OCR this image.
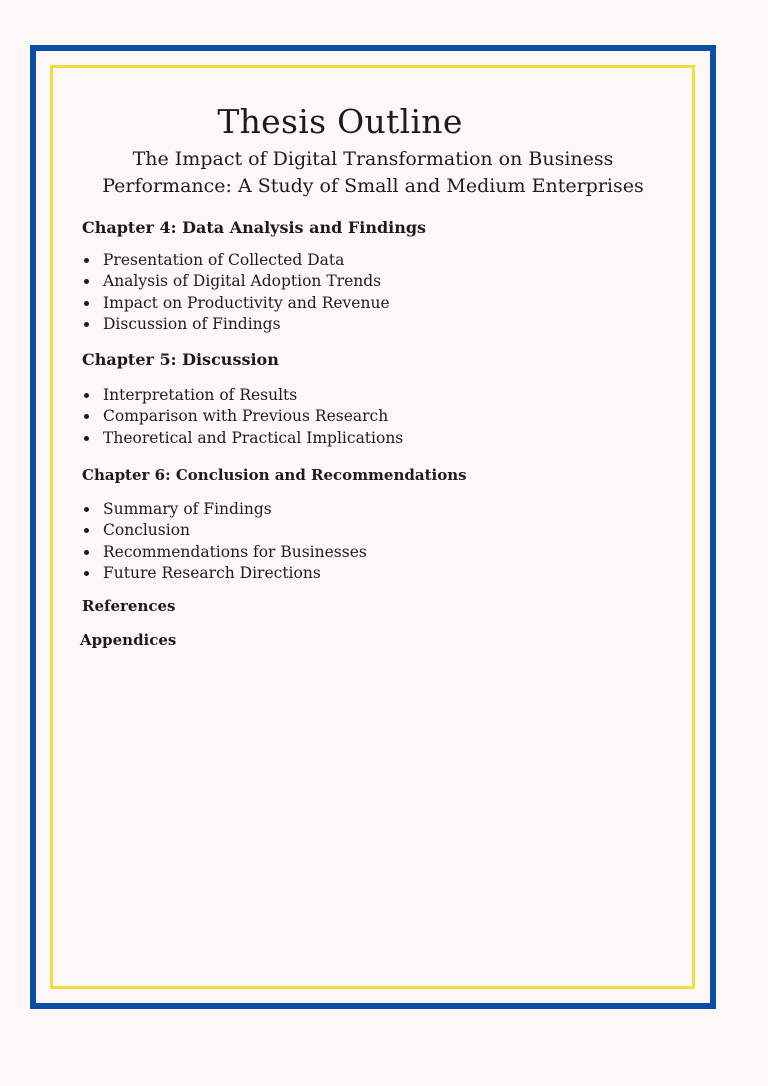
Thesis Outline
The Impact of Digital Transformation on Business Performance: A Study of Small and Medium Enterprises
Chapter 4: Data Analysis and Findings
Presentation of Collected Data
Analysis of Digital Adoption Trends
Impact on Productivity and Revenue
Discussion of Findings
Chapter 5: Discussion
Interpretation of Results
Comparison with Previous Research
Theoretical and Practical Implications
Chapter 6: Conclusion and Recommendations
Summary of Findings
Conclusion
Recommendations for Businesses
Future Research Directions
References
Appendices
